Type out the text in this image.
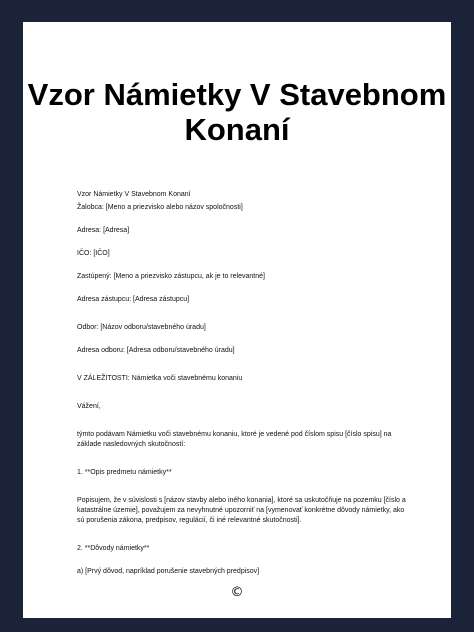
Vzor Námietky V Stavebnom Konaní

Vzor Námietky V Stavebnom Konaní

Žalobca: [Meno a priezvisko alebo názov spoločnosti]

Adresa: [Adresa]

IČO: [IČO]

Zastúpený: [Meno a priezvisko zástupcu, ak je to relevantné]

Adresa zástupcu: [Adresa zástupcu]

Odbor: [Názov odboru/stavebného úradu]

Adresa odboru: [Adresa odboru/stavebného úradu]

V ZÁLEŽITOSTI: Námietka voči stavebnému konaniu

Vážení,

týmto podávam Námietku voči stavebnému konaniu, ktoré je vedené pod číslom spisu [číslo spisu] na základe nasledovných skutočností:

1. **Opis predmetu námietky**

Popisujem, že v súvislosti s [názov stavby alebo iného konania], ktoré sa uskutočňuje na pozemku [číslo a katastrálne územie], považujem za nevyhnutné upozorniť na [vymenovať konkrétne dôvody námietky, ako sú porušenia zákona, predpisov, regulácií, či iné relevantné skutočnosti].

2. **Dôvody námietky**

a) [Prvý dôvod, napríklad porušenie stavebných predpisov]

©
